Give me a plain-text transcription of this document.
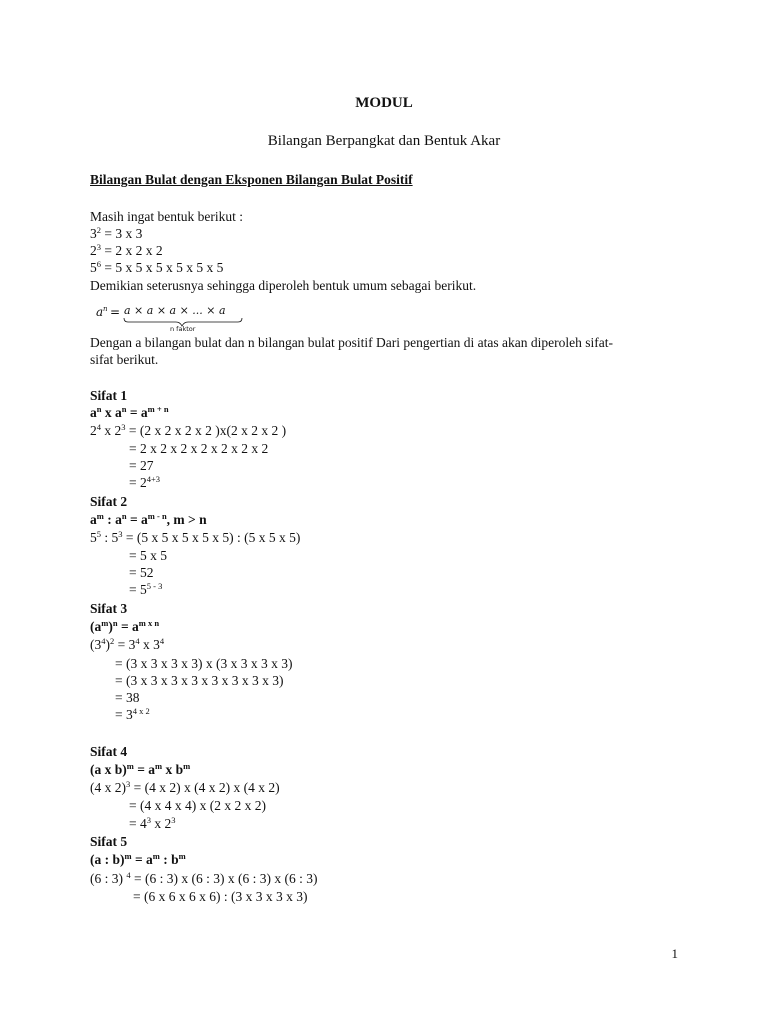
MODUL
Bilangan Berpangkat dan Bentuk Akar
Bilangan Bulat dengan Eksponen Bilangan Bulat Positif
Masih ingat bentuk berikut :
$3^2 = 3$ x 3
$2^3 = 2$ x 2 x 2
$5^6 = 5$ x 5 x 5 x 5 x 5 x 5
Demikian seterusnya sehingga diperoleh bentuk umum sebagai berikut.
a n = a × a × a × ... × a
n faktor
Dengan a bilangan bulat dan n bilangan bulat positif Dari pengertian di atas akan diperoleh sifat-
sifat berikut.
Sifat 1
$a^n$ x $a^n = a^{m + n}$
$2^4$ x $2^3 = (2$ x 2 x 2 x 2 )x(2 x 2 x 2 )
= 2 x 2 x 2 x 2 x 2 x 2 x 2
= 27
= $2^{4+3}$
Sifat 2
$a^m$ : $a^n = a^{m - n}$, m > n
$5^5$ : $5^3 = (5$ x 5 x 5 x 5 x 5) : (5 x 5 x 5)
= 5 x 5
= 52
= $5^{5 - 3}$
Sifat 3
$(a^m)^n = a^{m x n}$
$(3^4)^2 = 3^4$ x $3^4$
= (3 x 3 x 3 x 3) x (3 x 3 x 3 x 3)
= (3 x 3 x 3 x 3 x 3 x 3 x 3 x 3)
= 38
= $3^{4 x 2}$
Sifat 4
(a x $b)^m = a^m$ x $b^m$
(4 x 2)$^3$ = (4 x 2) x (4 x 2) x (4 x 2)
= (4 x 4 x 4) x (2 x 2 x 2)
= $4^3$ x $2^3$
Sifat 5
(a : $b)^m = a^m$ : $b^m$
(6 : 3) $^4$ = (6 : 3) x (6 : 3) x (6 : 3) x (6 : 3)
= (6 x 6 x 6 x 6) : (3 x 3 x 3 x 3)
1
